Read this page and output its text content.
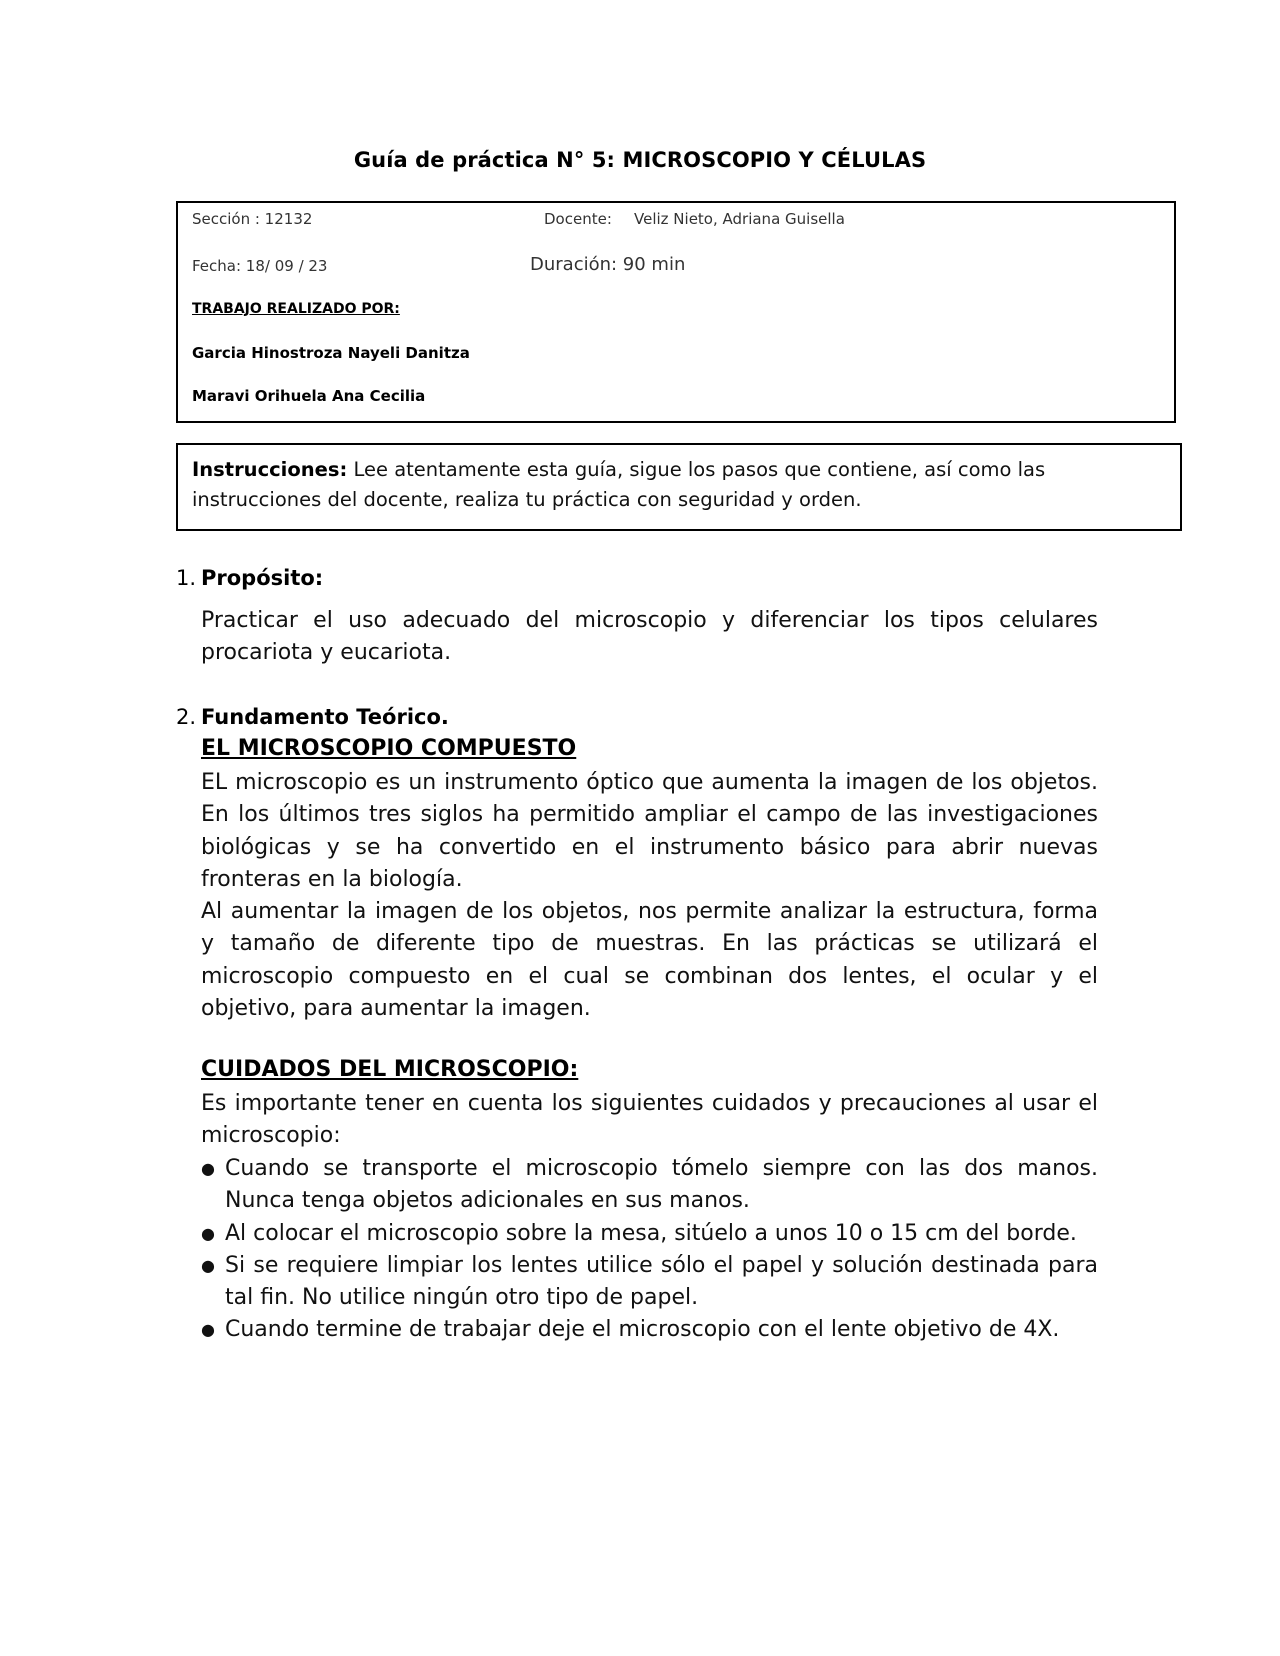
Guía de práctica N° 5: MICROSCOPIO Y CÉLULAS
Sección : 12132	Docente: Veliz Nieto, Adriana Guisella
Fecha: 18/ 09 / 23	Duración: 90 min
TRABAJO REALIZADO POR:
Garcia Hinostroza Nayeli Danitza
Maravi Orihuela Ana Cecilia
Instrucciones: Lee atentamente esta guía, sigue los pasos que contiene, así como las instrucciones del docente, realiza tu práctica con seguridad y orden.
1. Propósito:
Practicar el uso adecuado del microscopio y diferenciar los tipos celulares procariota y eucariota.
2. Fundamento Teórico.
EL MICROSCOPIO COMPUESTO
EL microscopio es un instrumento óptico que aumenta la imagen de los objetos. En los últimos tres siglos ha permitido ampliar el campo de las investigaciones biológicas y se ha convertido en el instrumento básico para abrir nuevas fronteras en la biología.
Al aumentar la imagen de los objetos, nos permite analizar la estructura, forma y tamaño de diferente tipo de muestras. En las prácticas se utilizará el microscopio compuesto en el cual se combinan dos lentes, el ocular y el objetivo, para aumentar la imagen.
CUIDADOS DEL MICROSCOPIO:
Es importante tener en cuenta los siguientes cuidados y precauciones al usar el microscopio:
● Cuando se transporte el microscopio tómelo siempre con las dos manos. Nunca tenga objetos adicionales en sus manos.
● Al colocar el microscopio sobre la mesa, sitúelo a unos 10 o 15 cm del borde.
● Si se requiere limpiar los lentes utilice sólo el papel y solución destinada para tal fin. No utilice ningún otro tipo de papel.
● Cuando termine de trabajar deje el microscopio con el lente objetivo de 4X.
